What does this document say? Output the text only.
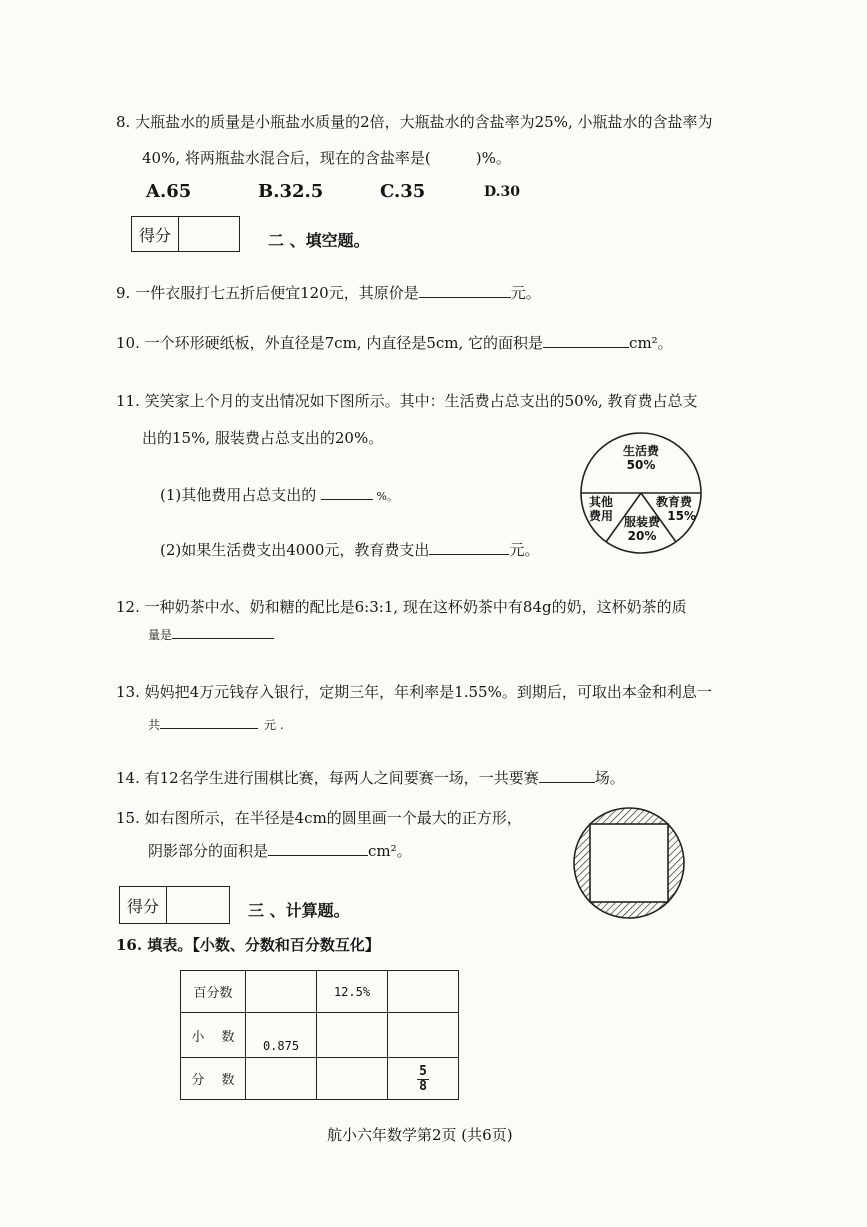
8. 大瓶盐水的质量是小瓶盐水质量的2倍，大瓶盐水的含盐率为25%, 小瓶盐水的含盐率为
40%, 将两瓶盐水混合后，现在的含盐率是(　　　)%。
A.65	B.32.5	C.35	D.30
得分	二 、填空题。
9. 一件衣服打七五折后便宜120元，其原价是	元。
10. 一个环形硬纸板，外直径是7cm, 内直径是5cm, 它的面积是	cm²。
11. 笑笑家上个月的支出情况如下图所示。其中：生活费占总支出的50%, 教育费占总支
出的15%, 服装费占总支出的20%。
(1)其他费用占总支出的	%。
(2)如果生活费支出4000元，教育费支出	元。
生活费
50%
其他
费用
教育费
15%
服装费
20%
12. 一种奶茶中水、奶和糖的配比是6:3:1, 现在这杯奶茶中有84g的奶，这杯奶茶的质
量是
13. 妈妈把4万元钱存入银行，定期三年，年利率是1.55%。到期后，可取出本金和利息一
共	元 .
14. 有12名学生进行围棋比赛，每两人之间要赛一场，一共要赛	场。
15. 如右图所示，在半径是4cm的圆里画一个最大的正方形，
阴影部分的面积是	cm²。
得分	三 、计算题。
16. 填表。【小数、分数和百分数互化】
百分数		12.5%	
小 　数	0.875		
分 　数			$\frac{5}{8}$
航小六年数学第2页 (共6页)
